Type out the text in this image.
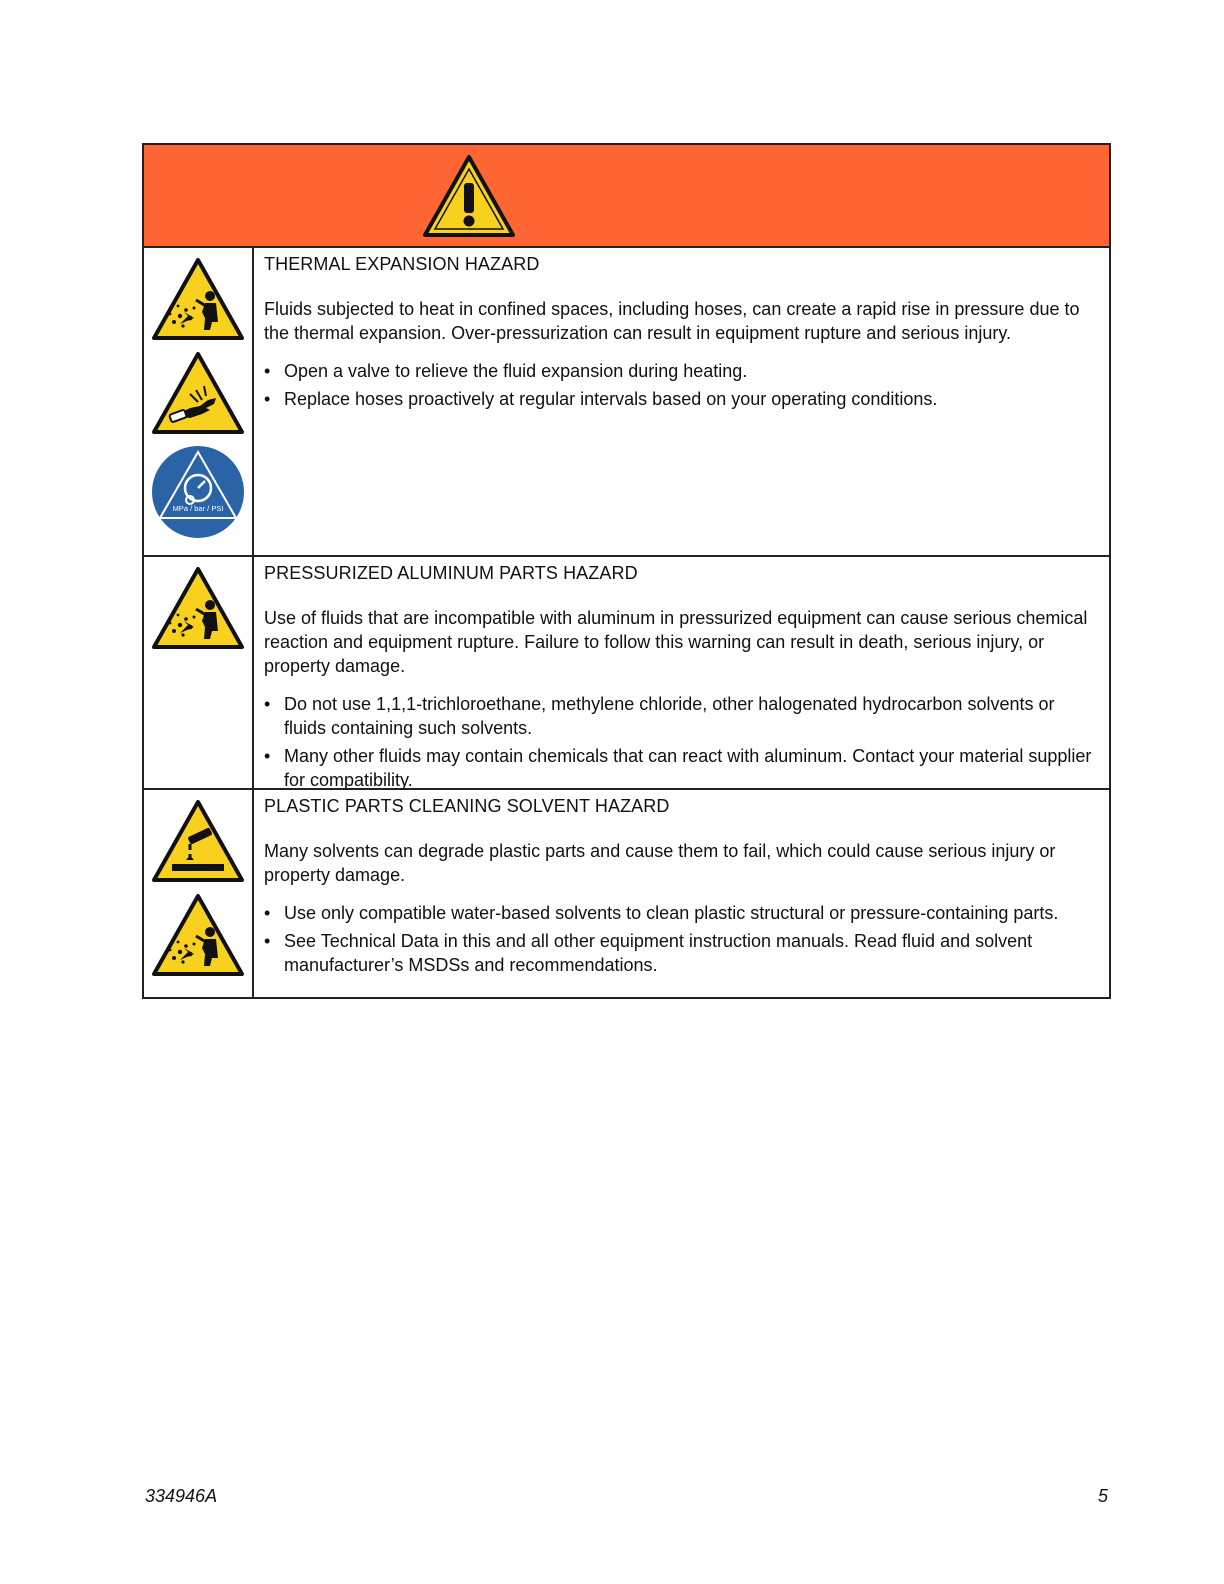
MPa / bar / PSI

THERMAL EXPANSION HAZARD

Fluids subjected to heat in confined spaces, including hoses, can create a rapid rise in pressure due to the thermal expansion. Over-pressurization can result in equipment rupture and serious injury.

• Open a valve to relieve the fluid expansion during heating.
• Replace hoses proactively at regular intervals based on your operating conditions.

PRESSURIZED ALUMINUM PARTS HAZARD

Use of fluids that are incompatible with aluminum in pressurized equipment can cause serious chemical reaction and equipment rupture. Failure to follow this warning can result in death, serious injury, or property damage.

• Do not use 1,1,1-trichloroethane, methylene chloride, other halogenated hydrocarbon solvents or fluids containing such solvents.
• Many other fluids may contain chemicals that can react with aluminum. Contact your material supplier for compatibility.

PLASTIC PARTS CLEANING SOLVENT HAZARD

Many solvents can degrade plastic parts and cause them to fail, which could cause serious injury or property damage.

• Use only compatible water-based solvents to clean plastic structural or pressure-containing parts.
• See Technical Data in this and all other equipment instruction manuals. Read fluid and solvent manufacturer’s MSDSs and recommendations.
334946A	5
